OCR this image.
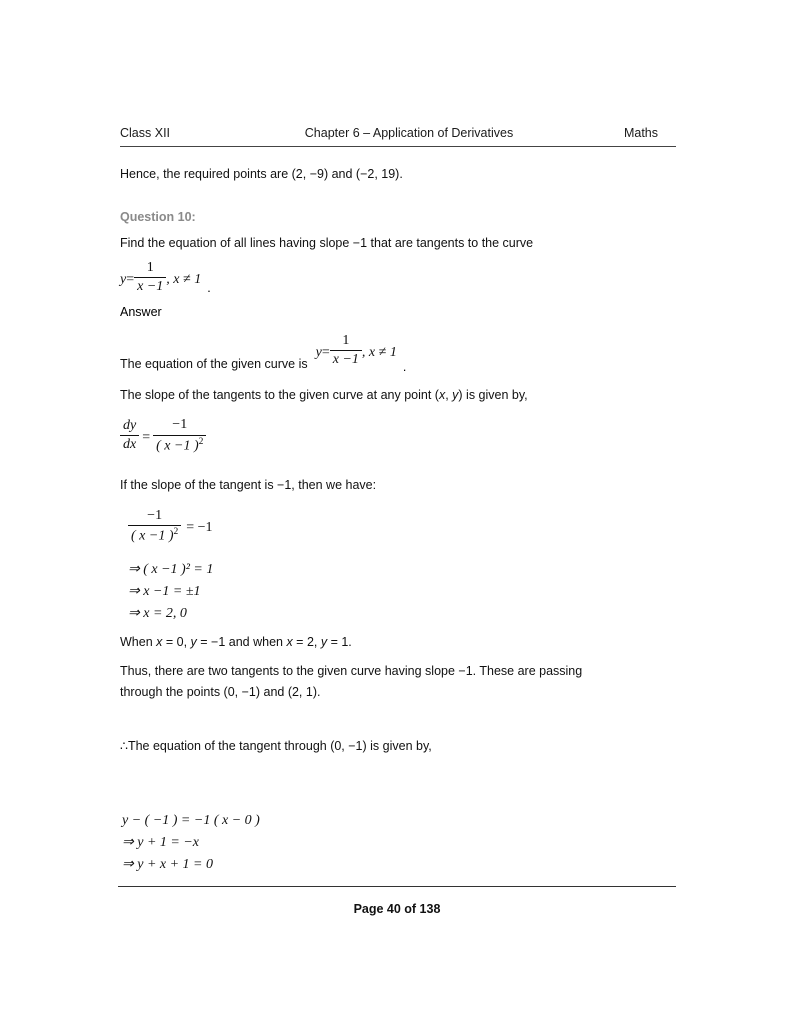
Class XII	Chapter 6 – Application of Derivatives	Maths

Hence, the required points are (2, −9) and (−2, 19).

Question 10:

Find the equation of all lines having slope −1 that are tangents to the curve

$y= \frac{1}{x -1}$ , x ≠ 1
.

Answer

The equation of the given curve is
$y= \frac{1}{x -1}$ , x ≠ 1
.

The slope of the tangents to the given curve at any point (x, y) is given by,

$\frac{dy}{dx} = \frac{-1}{( x -1 )^2}$

If the slope of the tangent is −1, then we have:

$\frac{-1}{( x -1 )^2} = -1$
⇒ ( x −1 )² = 1
⇒ x −1 = ±1
⇒ x = 2, 0

When x = 0, y = −1 and when x = 2, y = 1.

Thus, there are two tangents to the given curve having slope −1. These are passing

through the points (0, −1) and (2, 1).

∴The equation of the tangent through (0, −1) is given by,

y − ( −1 ) = −1 ( x − 0 )
⇒ y + 1 = −x
⇒ y + x + 1 = 0
Page 40 of 138
